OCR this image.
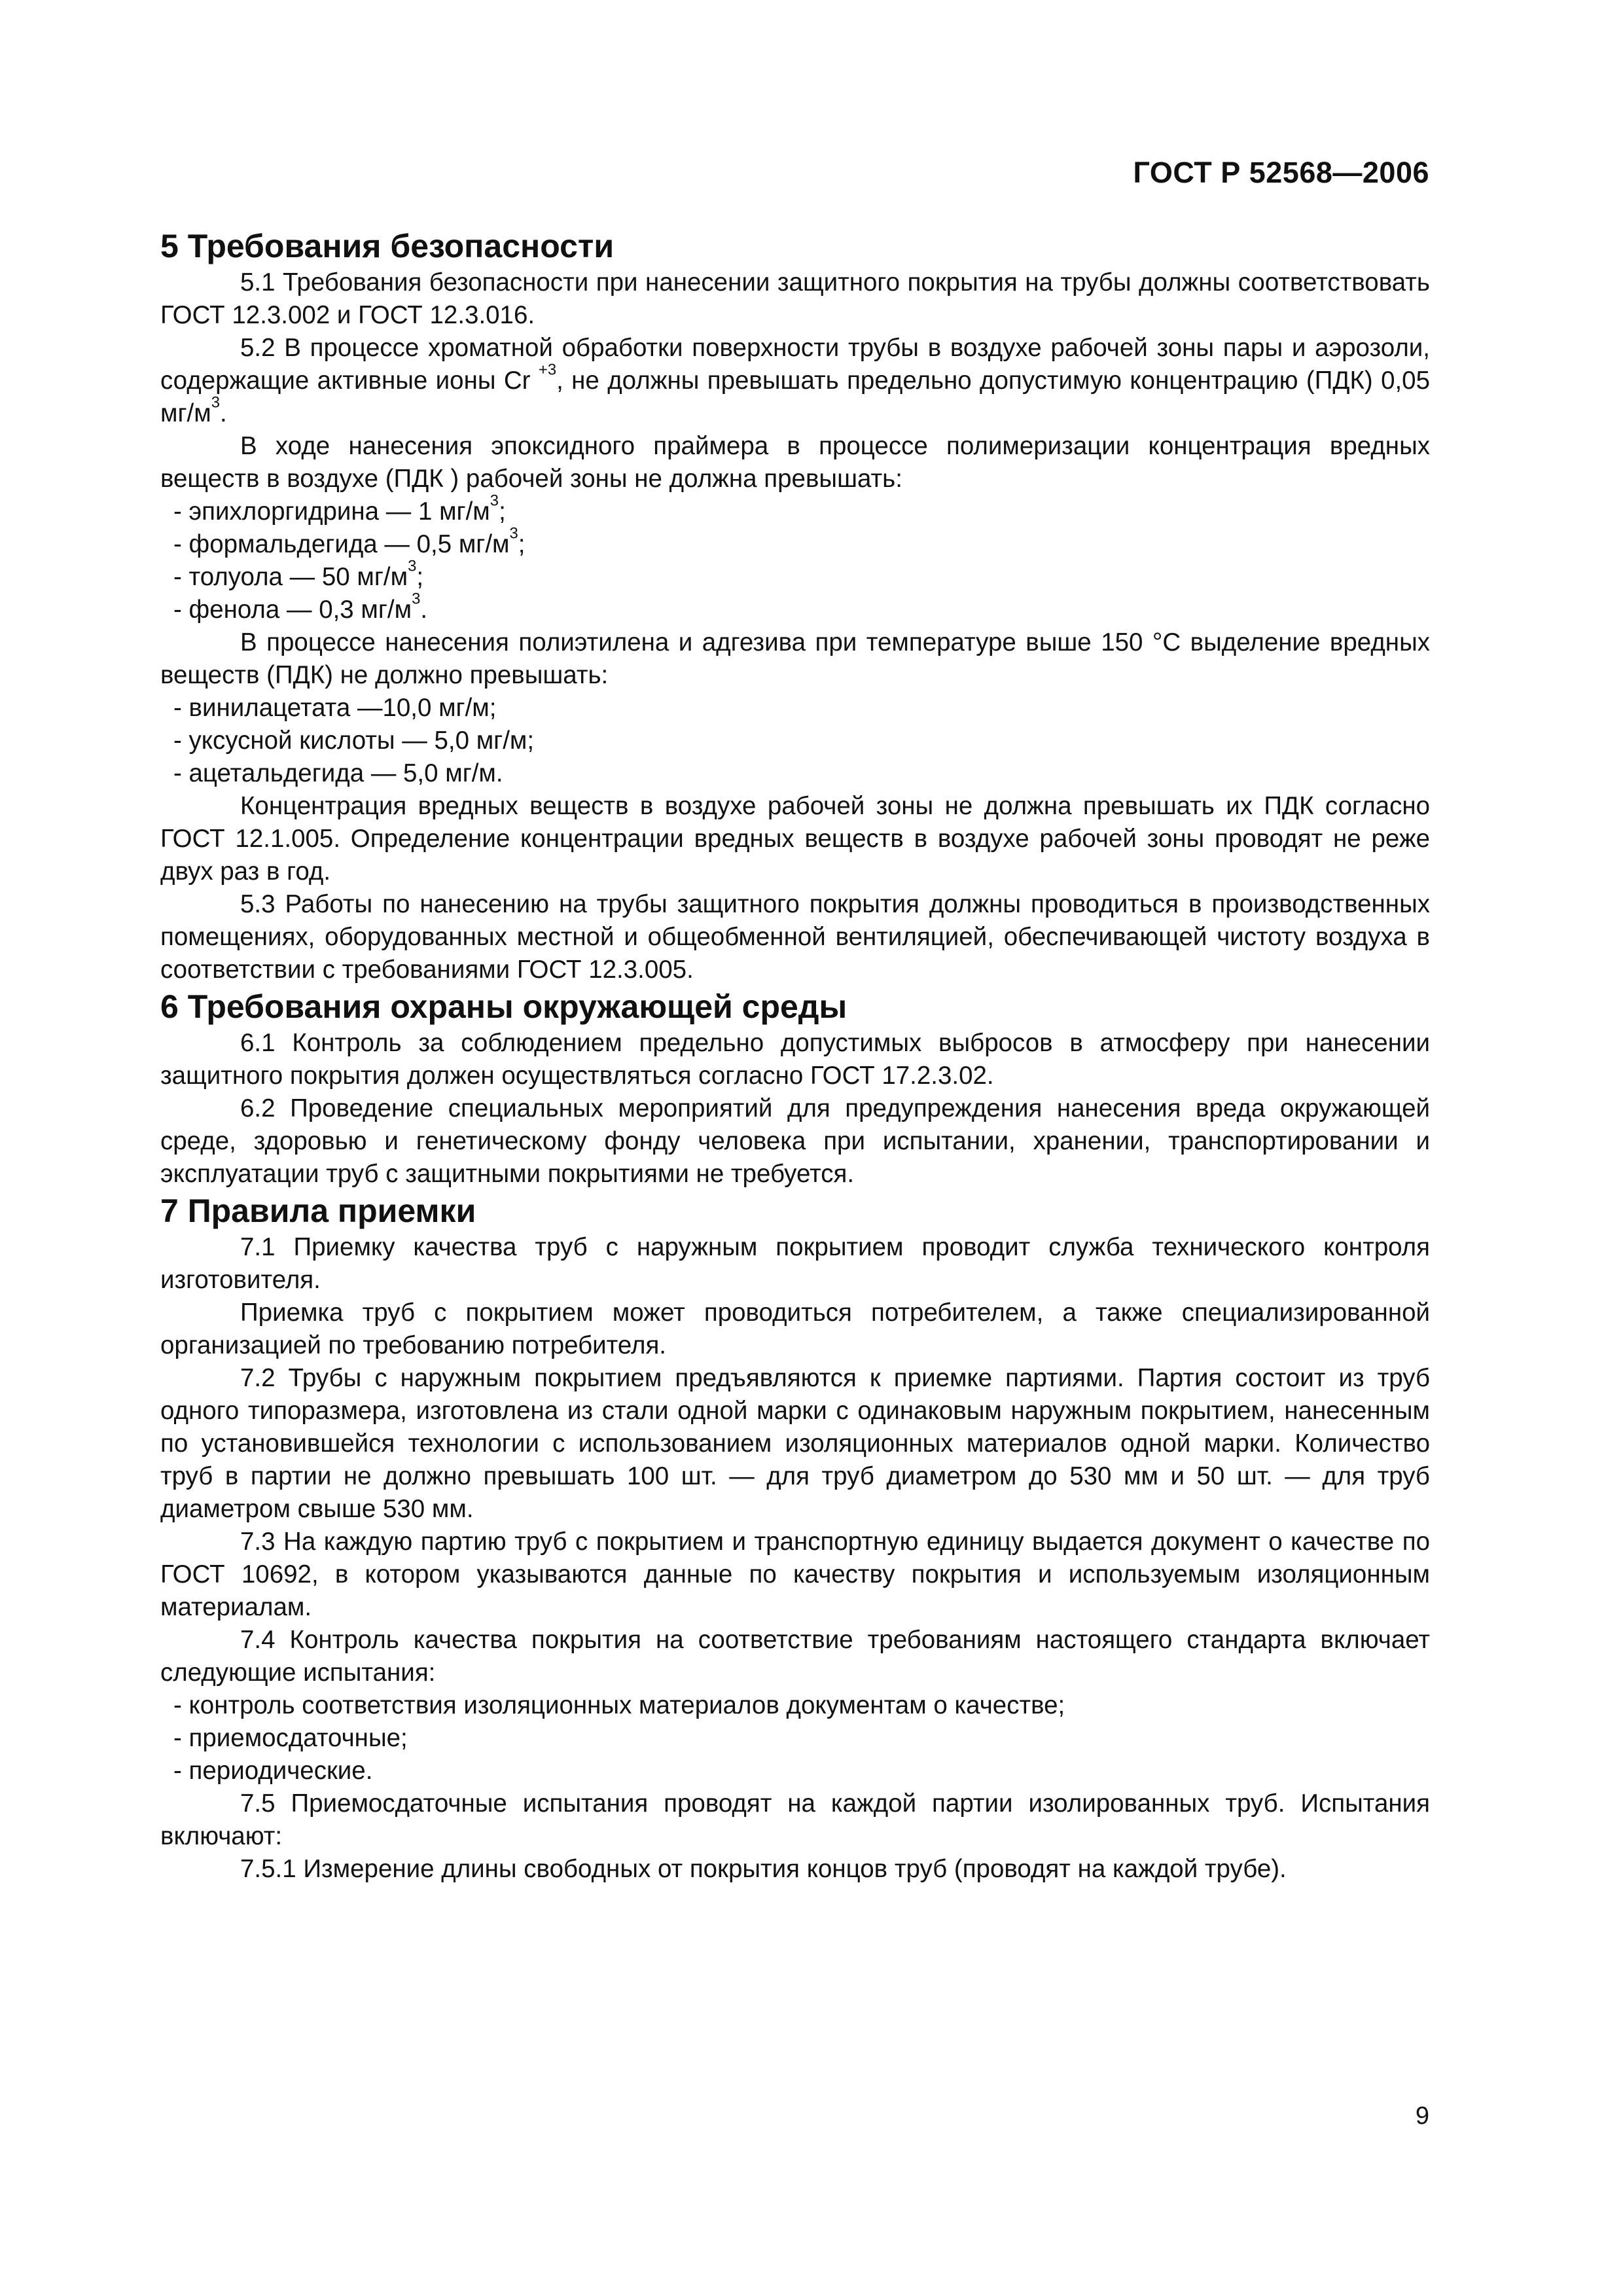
ГОСТ Р 52568—2006

5 Требования безопасности

5.1 Требования безопасности при нанесении защитного покрытия на трубы должны соответствовать ГОСТ 12.3.002 и ГОСТ 12.3.016.

5.2 В процессе хроматной обработки поверхности трубы в воздухе рабочей зоны пары и аэрозоли, содержащие активные ионы Cr $^{+3}$, не должны превышать предельно допустимую концентрацию (ПДК) 0,05 $мг/м^3$.

В ходе нанесения эпоксидного праймера в процессе полимеризации концентрация вредных веществ в воздухе (ПДК ) рабочей зоны не должна превышать:

- эпихлоргидрина — 1 $мг/м^3$;

- формальдегида — 0,5 $мг/м^3$;

- толуола — 50 $мг/м^3$;

- фенола — 0,3 $мг/м^3$.

В процессе нанесения полиэтилена и адгезива при температуре выше 150 °С выделение вредных веществ (ПДК) не должно превышать:

- винилацетата —10,0 мг/м;

- уксусной кислоты — 5,0 мг/м;

- ацетальдегида — 5,0 мг/м.

Концентрация вредных веществ в воздухе рабочей зоны не должна превышать их ПДК согласно ГОСТ 12.1.005. Определение концентрации вредных веществ в воздухе рабочей зоны проводят не реже двух раз в год.

5.3 Работы по нанесению на трубы защитного покрытия должны проводиться в производственных помещениях, оборудованных местной и общеобменной вентиляцией, обеспечивающей чистоту воздуха в соответствии с требованиями ГОСТ 12.3.005.

6 Требования охраны окружающей среды

6.1 Контроль за соблюдением предельно допустимых выбросов в атмосферу при нанесении защитного покрытия должен осуществляться согласно ГОСТ 17.2.3.02.

6.2 Проведение специальных мероприятий для предупреждения нанесения вреда окружающей среде, здоровью и генетическому фонду человека при испытании, хранении, транспортировании и эксплуатации труб с защитными покрытиями не требуется.

7 Правила приемки

7.1 Приемку качества труб с наружным покрытием проводит служба технического контроля изготовителя.

Приемка труб с покрытием может проводиться потребителем, а также специализированной организацией по требованию потребителя.

7.2 Трубы с наружным покрытием предъявляются к приемке партиями. Партия состоит из труб одного типоразмера, изготовлена из стали одной марки с одинаковым наружным покрытием, нанесенным по установившейся технологии с использованием изоляционных материалов одной марки. Количество труб в партии не должно превышать 100 шт. — для труб диаметром до 530 мм и 50 шт. — для труб диаметром свыше 530 мм.

7.3 На каждую партию труб с покрытием и транспортную единицу выдается документ о качестве по ГОСТ 10692, в котором указываются данные по качеству покрытия и используемым изоляционным материалам.

7.4 Контроль качества покрытия на соответствие требованиям настоящего стандарта включает следующие испытания:

- контроль соответствия изоляционных материалов документам о качестве;

- приемосдаточные;

- периодические.

7.5 Приемосдаточные испытания проводят на каждой партии изолированных труб. Испытания включают:

7.5.1 Измерение длины свободных от покрытия концов труб (проводят на каждой трубе).

9
